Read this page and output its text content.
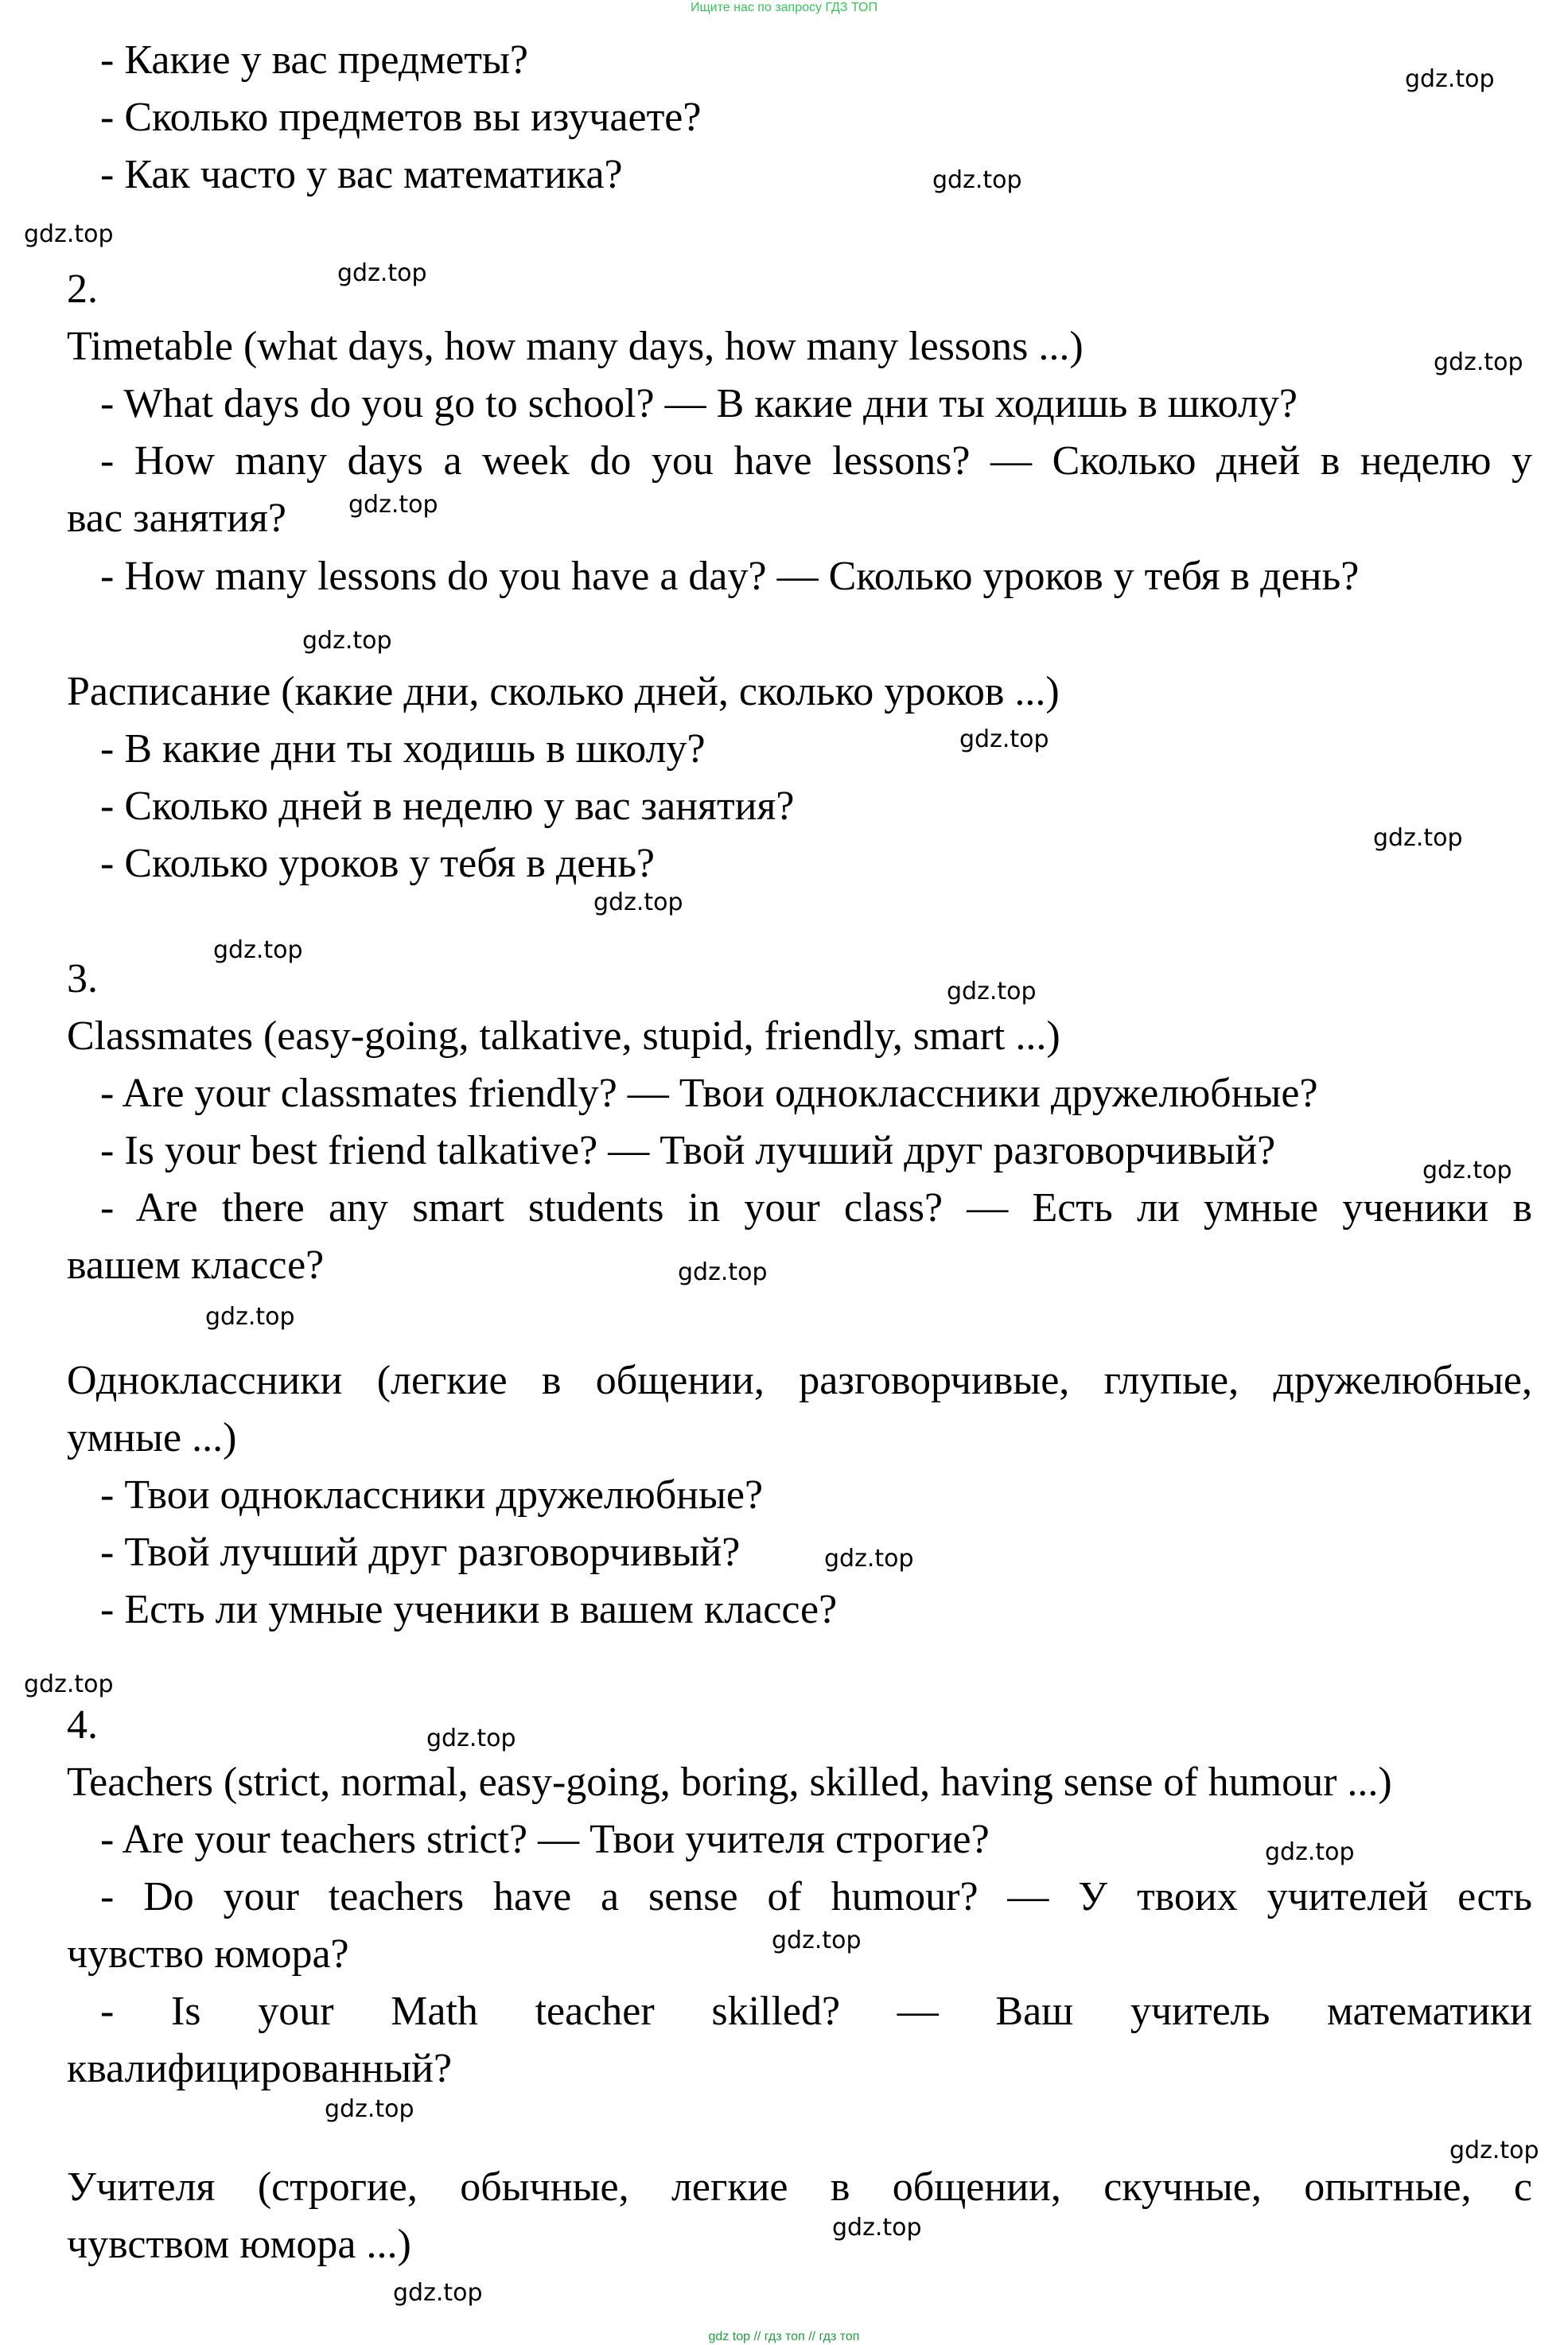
Ищите нас по запросу ГДЗ ТОП
- Какие у вас предметы?
- Сколько предметов вы изучаете?
- Как часто у вас математика?
2.
Timetable (what days, how many days, how many lessons ...)
- What days do you go to school? — В какие дни ты ходишь в школу?
- How many days a week do you have lessons? — Сколько дней в неделю у
вас занятия?
- How many lessons do you have a day? — Сколько уроков у тебя в день?
Расписание (какие дни, сколько дней, сколько уроков ...)
- В какие дни ты ходишь в школу?
- Сколько дней в неделю у вас занятия?
- Сколько уроков у тебя в день?
3.
Classmates (easy-going, talkative, stupid, friendly, smart ...)
- Are your classmates friendly? — Твои одноклассники дружелюбные?
- Is your best friend talkative? — Твой лучший друг разговорчивый?
- Are there any smart students in your class? — Есть ли умные ученики в
вашем классе?
Одноклассники (легкие в общении, разговорчивые, глупые, дружелюбные,
умные ...)
- Твои одноклассники дружелюбные?
- Твой лучший друг разговорчивый?
- Есть ли умные ученики в вашем классе?
4.
Teachers (strict, normal, easy-going, boring, skilled, having sense of humour ...)
- Are your teachers strict? — Твои учителя строгие?
- Do your teachers have a sense of humour? — У твоих учителей есть
чувство юмора?
- Is your Math teacher skilled? — Ваш учитель математики
квалифицированный?
Учителя (строгие, обычные, легкие в общении, скучные, опытные, с
чувством юмора ...)
gdz.top
gdz.top
gdz.top
gdz.top
gdz.top
gdz.top
gdz.top
gdz.top
gdz.top
gdz.top
gdz.top
gdz.top
gdz.top
gdz.top
gdz.top
gdz.top
gdz.top
gdz.top
gdz.top
gdz.top
gdz.top
gdz.top
gdz.top
gdz.top
gdz top // гдз топ // гдз топ
